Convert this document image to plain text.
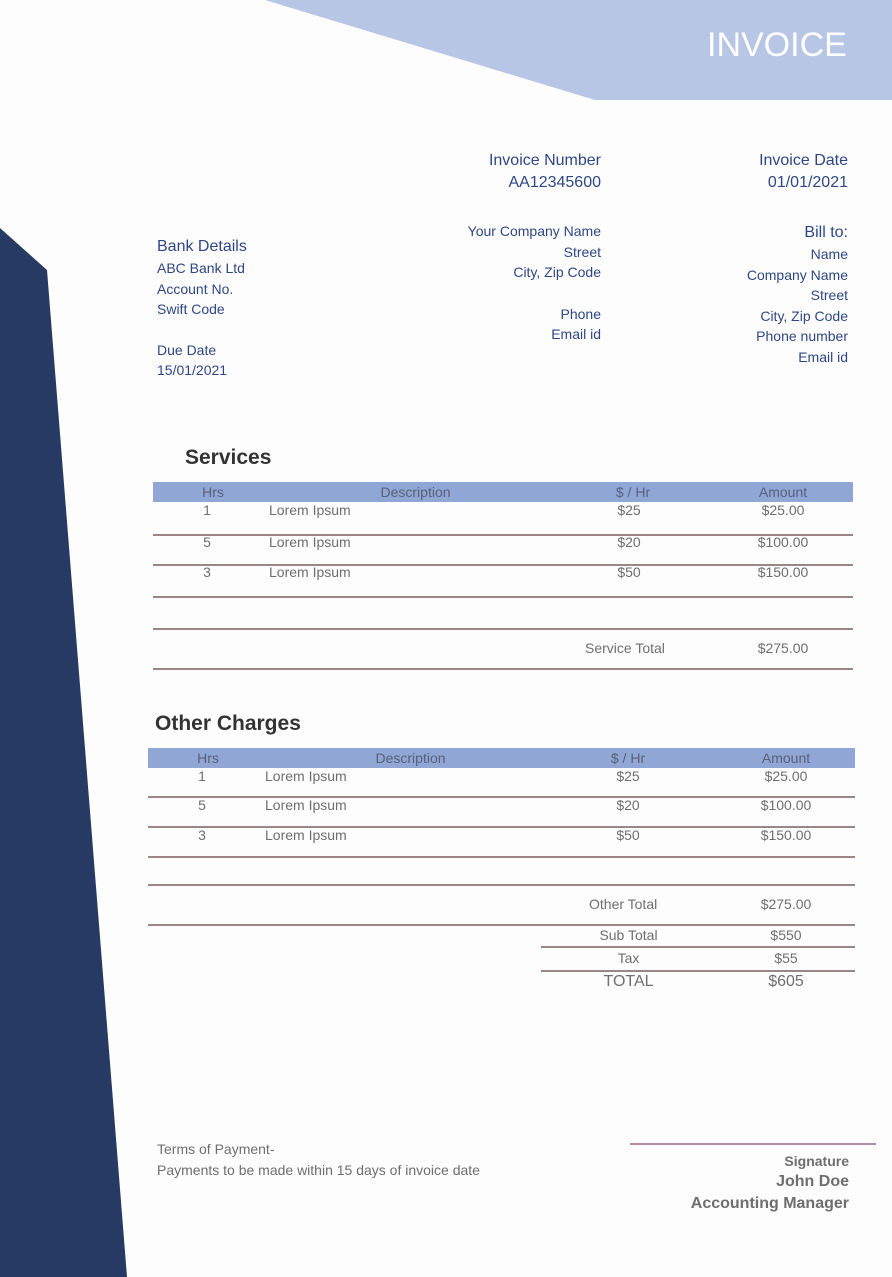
INVOICE
Invoice Number
AA12345600
Invoice Date
01/01/2021
Your Company Name
Street
City, Zip Code
Phone
Email id
Bill to:
Name
Company Name
Street
City, Zip Code
Phone number
Email id
Bank Details
ABC Bank Ltd
Account No.
Swift Code
Due Date
15/01/2021
Services
Hrs	Description	$ / Hr	Amount
1	Lorem Ipsum	$25	$25.00
5	Lorem Ipsum	$20	$100.00
3	Lorem Ipsum	$50	$150.00
Service Total	$275.00
Other Charges
Hrs	Description	$ / Hr	Amount
1	Lorem Ipsum	$25	$25.00
5	Lorem Ipsum	$20	$100.00
3	Lorem Ipsum	$50	$150.00
Other Total	$275.00
Sub Total	$550
Tax	$55
TOTAL	$605
Terms of Payment-
Payments to be made within 15 days of invoice date
Signature
John Doe
Accounting Manager
